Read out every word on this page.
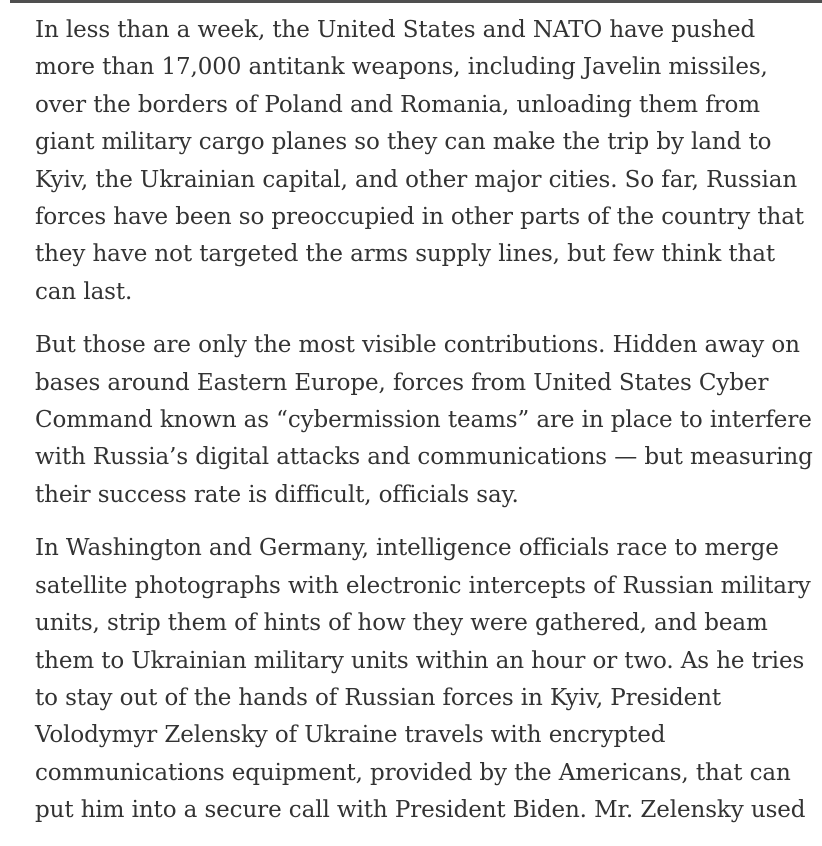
In less than a week, the United States and NATO have pushed
more than 17,000 antitank weapons, including Javelin missiles,
over the borders of Poland and Romania, unloading them from
giant military cargo planes so they can make the trip by land to
Kyiv, the Ukrainian capital, and other major cities. So far, Russian
forces have been so preoccupied in other parts of the country that
they have not targeted the arms supply lines, but few think that
can last.

But those are only the most visible contributions. Hidden away on
bases around Eastern Europe, forces from United States Cyber
Command known as “cybermission teams” are in place to interfere
with Russia’s digital attacks and communications — but measuring
their success rate is difficult, officials say.

In Washington and Germany, intelligence officials race to merge
satellite photographs with electronic intercepts of Russian military
units, strip them of hints of how they were gathered, and beam
them to Ukrainian military units within an hour or two. As he tries
to stay out of the hands of Russian forces in Kyiv, President
Volodymyr Zelensky of Ukraine travels with encrypted
communications equipment, provided by the Americans, that can
put him into a secure call with President Biden. Mr. Zelensky used
